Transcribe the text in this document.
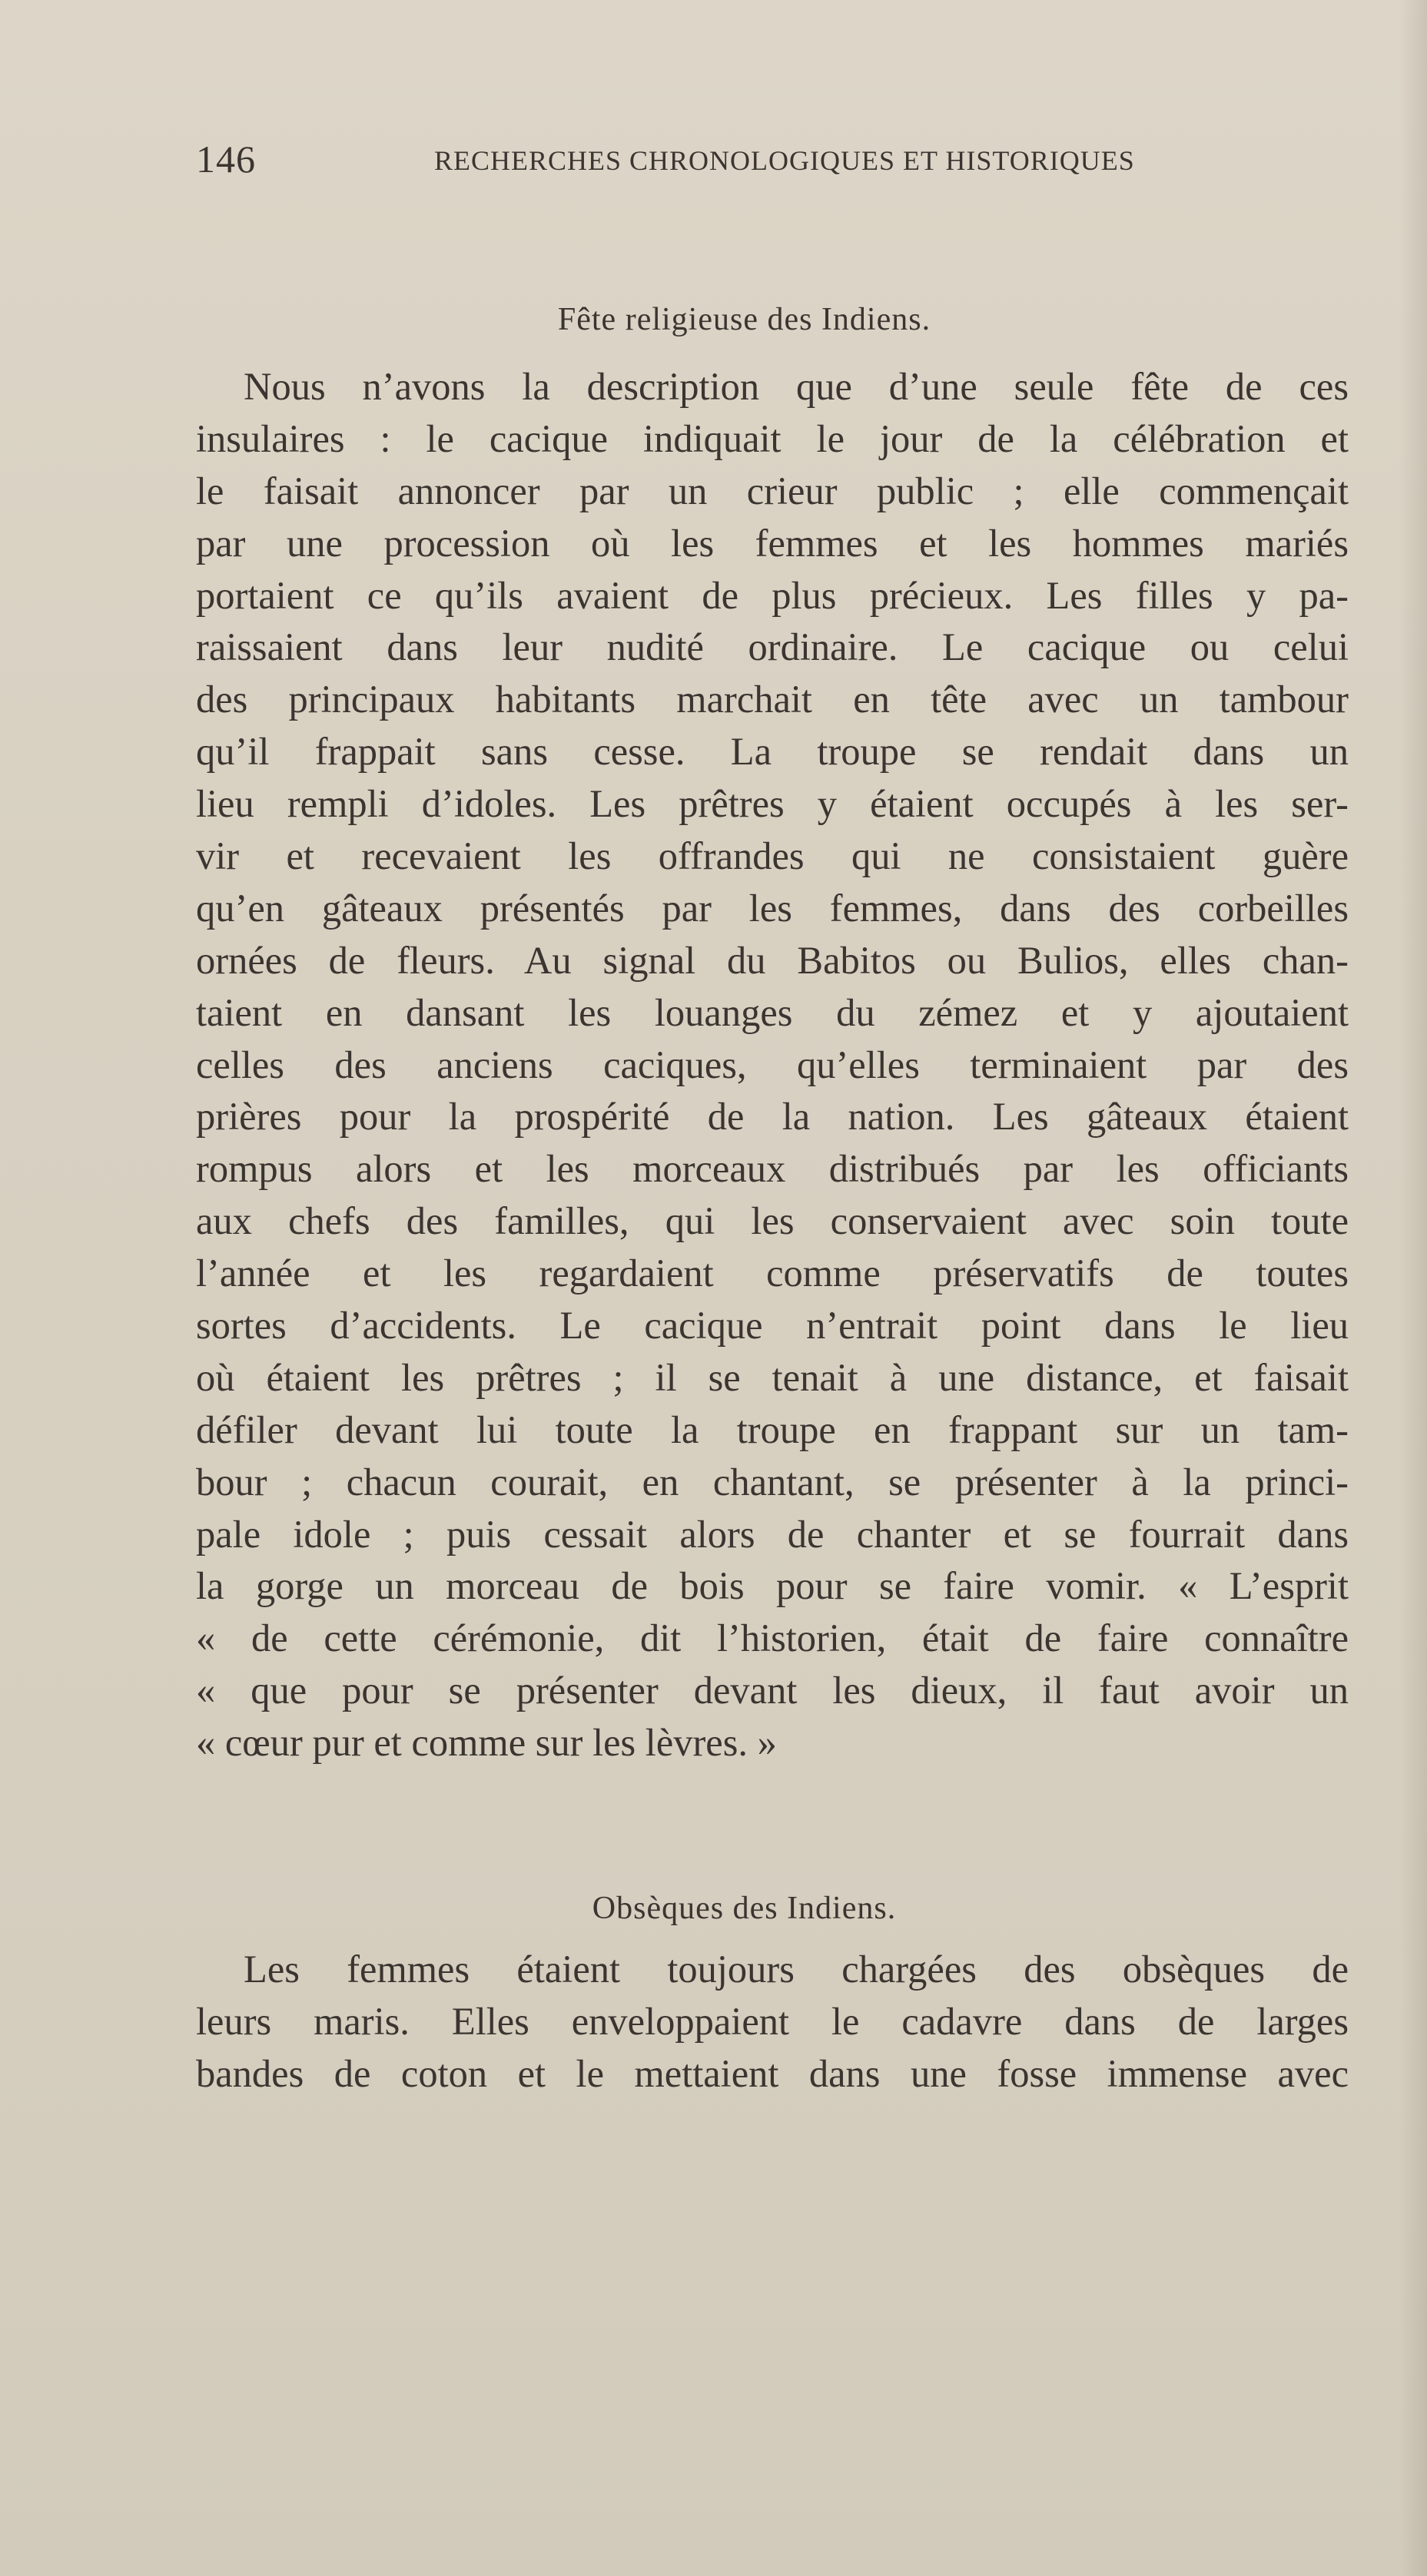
146	RECHERCHES CHRONOLOGIQUES ET HISTORIQUES
Fête religieuse des Indiens.
Nous n’avons la description que d’une seule fête de ces
insulaires : le cacique indiquait le jour de la célébration et
le faisait annoncer par un crieur public ; elle commençait
par une procession où les femmes et les hommes mariés
portaient ce qu’ils avaient de plus précieux. Les filles y pa-
raissaient dans leur nudité ordinaire. Le cacique ou celui
des principaux habitants marchait en tête avec un tambour
qu’il frappait sans cesse. La troupe se rendait dans un
lieu rempli d’idoles. Les prêtres y étaient occupés à les ser-
vir et recevaient les offrandes qui ne consistaient guère
qu’en gâteaux présentés par les femmes, dans des corbeilles
ornées de fleurs. Au signal du Babitos ou Bulios, elles chan-
taient en dansant les louanges du zémez et y ajoutaient
celles des anciens caciques, qu’elles terminaient par des
prières pour la prospérité de la nation. Les gâteaux étaient
rompus alors et les morceaux distribués par les officiants
aux chefs des familles, qui les conservaient avec soin toute
l’année et les regardaient comme préservatifs de toutes
sortes d’accidents. Le cacique n’entrait point dans le lieu
où étaient les prêtres ; il se tenait à une distance, et faisait
défiler devant lui toute la troupe en frappant sur un tam-
bour ; chacun courait, en chantant, se présenter à la princi-
pale idole ; puis cessait alors de chanter et se fourrait dans
la gorge un morceau de bois pour se faire vomir. « L’esprit
« de cette cérémonie, dit l’historien, était de faire connaître
« que pour se présenter devant les dieux, il faut avoir un
« cœur pur et comme sur les lèvres. »
Obsèques des Indiens.
Les femmes étaient toujours chargées des obsèques de
leurs maris. Elles enveloppaient le cadavre dans de larges
bandes de coton et le mettaient dans une fosse immense avec
